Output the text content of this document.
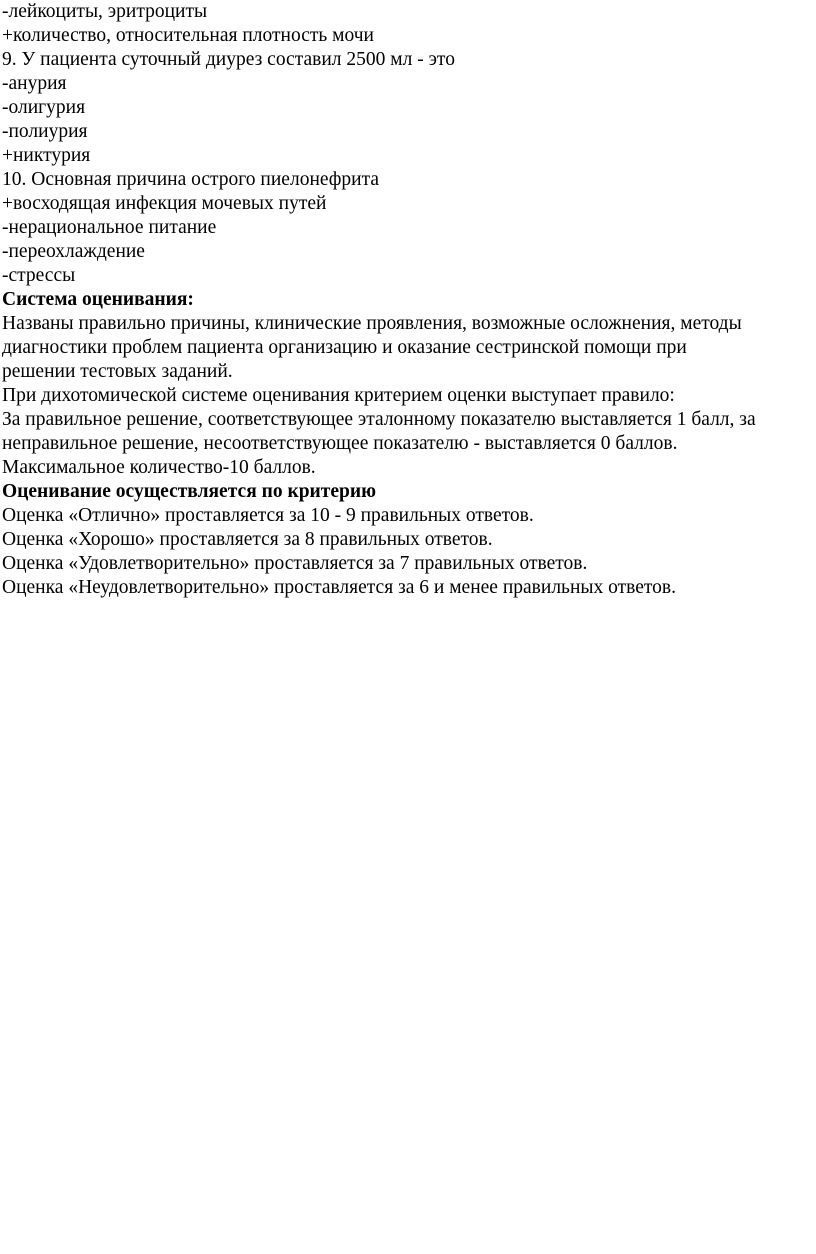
-лейкоциты, эритроциты
+количество, относительная плотность мочи
9. У пациента суточный диурез составил 2500 мл - это
-анурия
-олигурия
-полиурия
+никтурия
10. Основная причина острого пиелонефрита
+восходящая инфекция мочевых путей
-нерациональное питание
-переохлаждение
-стрессы
Система оценивания:
Названы правильно причины, клинические проявления, возможные осложнения, методы
диагностики проблем пациента организацию и оказание сестринской помощи при
решении тестовых заданий.
При дихотомической системе оценивания критерием оценки выступает правило:
За правильное решение, соответствующее эталонному показателю выставляется 1 балл, за
неправильное решение, несоответствующее показателю - выставляется 0 баллов.
Максимальное количество-10 баллов.
Оценивание осуществляется по критерию
Оценка «Отлично» проставляется за 10 - 9 правильных ответов.
Оценка «Хорошо» проставляется за 8 правильных ответов.
Оценка «Удовлетворительно» проставляется за 7 правильных ответов.
Оценка «Неудовлетворительно» проставляется за 6 и менее правильных ответов.
